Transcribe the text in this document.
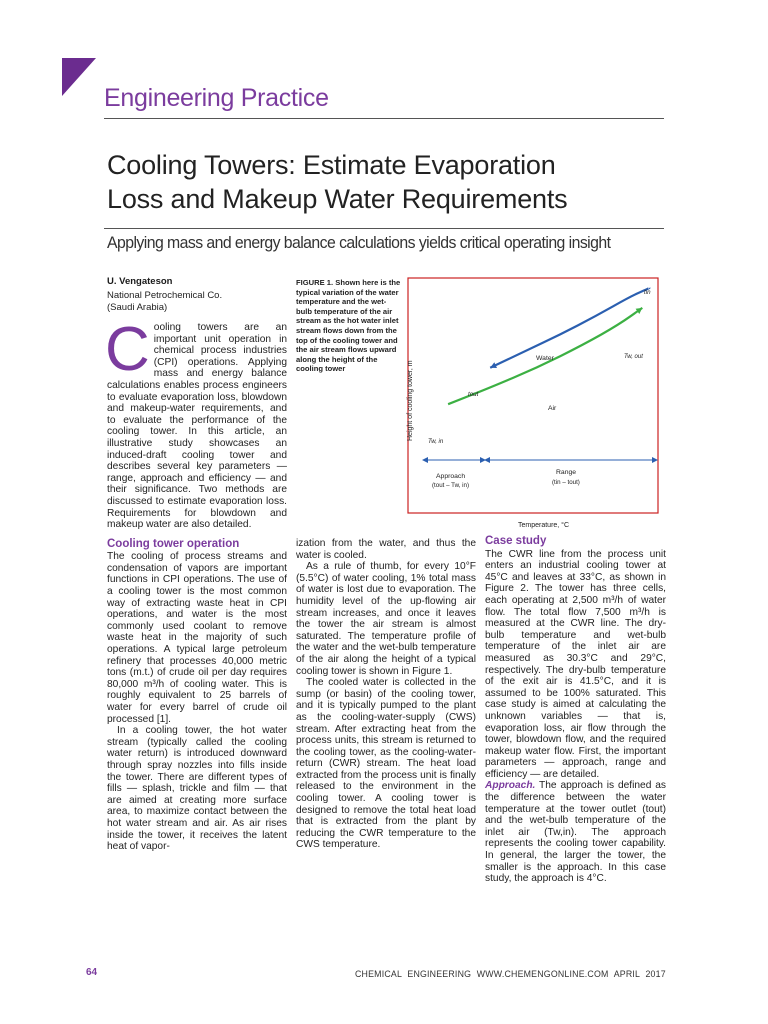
Engineering Practice
Cooling Towers: Estimate Evaporation
Loss and Makeup Water Requirements
Applying mass and energy balance calculations yields critical operating insight
U. Vengateson
National Petrochemical Co.
(Saudi Arabia)

Cooling towers are an important unit operation in chemical process industries (CPI) operations. Applying mass and energy balance calculations enables process engineers to evaluate evaporation loss, blowdown and makeup-water requirements, and to evaluate the performance of the cooling tower. In this article, an illustrative study showcases an induced-draft cooling tower and describes several key parameters — range, approach and efficiency — and their significance. Two methods are discussed to estimate evaporation loss. Requirements for blowdown and makeup water are also detailed.

Cooling tower operation

The cooling of process streams and condensation of vapors are important functions in CPI operations. The use of a cooling tower is the most common way of extracting waste heat in CPI operations, and water is the most commonly used coolant to remove waste heat in the majority of such operations. A typical large petroleum refinery that processes 40,000 metric tons (m.t.) of crude oil per day requires 80,000 m³/h of cooling water. This is roughly equivalent to 25 barrels of water for every barrel of crude oil processed [1].

In a cooling tower, the hot water stream (typically called the cooling water return) is introduced downward through spray nozzles into fills inside the tower. There are different types of fills — splash, trickle and film — that are aimed at creating more surface area, to maximize contact between the hot water stream and air. As air rises inside the tower, it receives the latent heat of vapor-

FIGURE 1. Shown here is the typical variation of the water temperature and the wet-bulb temperature of the air stream as the hot water inlet stream flows down from the top of the cooling tower and the air stream flows upward along the height of the cooling tower	Height of cooling tower, m
Temperature, °C
Approach
(tout – Tw, in)
Range
(tin – tout)
tin
Tw, out
Water
tout
Air
Tw, in

ization from the water, and thus the water is cooled.

As a rule of thumb, for every 10°F (5.5°C) of water cooling, 1% total mass of water is lost due to evaporation. The humidity level of the up-flowing air stream increases, and once it leaves the tower the air stream is almost saturated. The temperature profile of the water and the wet-bulb temperature of the air along the height of a typical cooling tower is shown in Figure 1.

The cooled water is collected in the sump (or basin) of the cooling tower, and it is typically pumped to the plant as the cooling-water-supply (CWS) stream. After extracting heat from the process units, this stream is returned to the cooling tower, as the cooling-water-return (CWR) stream. The heat load extracted from the process unit is finally released to the environment in the cooling tower. A cooling tower is designed to remove the total heat load that is extracted from the plant by reducing the CWR temperature to the CWS temperature.

Case study

The CWR line from the process unit enters an industrial cooling tower at 45°C and leaves at 33°C, as shown in Figure 2. The tower has three cells, each operating at 2,500 m³/h of water flow. The total flow 7,500 m³/h is measured at the CWR line. The dry-bulb temperature and wet-bulb temperature of the inlet air are measured as 30.3°C and 29°C, respectively. The dry-bulb temperature of the exit air is 41.5°C, and it is assumed to be 100% saturated. This case study is aimed at calculating the unknown variables — that is, evaporation loss, air flow through the tower, blowdown flow, and the required makeup water flow. First, the important parameters — approach, range and efficiency — are detailed.

Approach. The approach is defined as the difference between the water temperature at the tower outlet (tout) and the wet-bulb temperature of the inlet air (Tw,in). The approach represents the cooling tower capability. In general, the larger the tower, the smaller is the approach. In this case study, the approach is 4°C.

64	CHEMICAL ENGINEERING WWW.CHEMENGONLINE.COM APRIL 2017
